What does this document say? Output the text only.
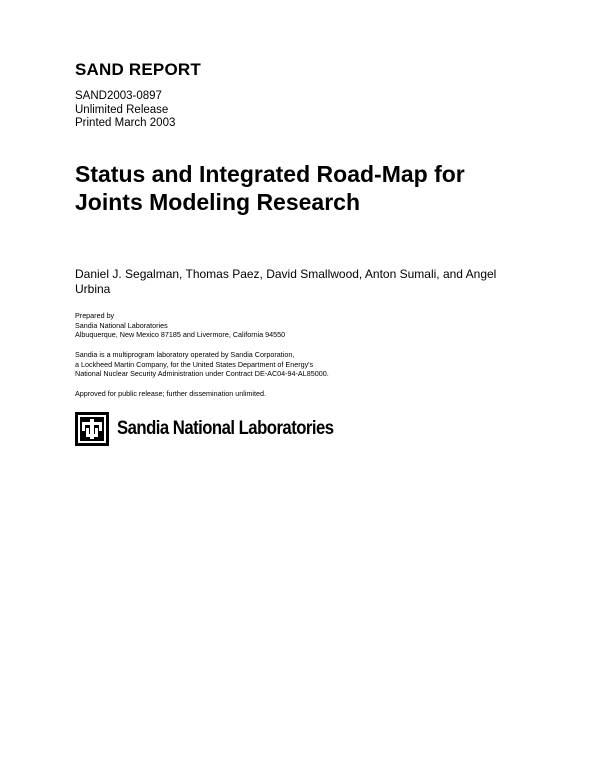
SAND REPORT
SAND2003-0897
Unlimited Release
Printed March 2003
Status and Integrated Road-Map for
Joints Modeling Research
Daniel J. Segalman, Thomas Paez, David Smallwood, Anton Sumali, and Angel
Urbina
Prepared by
Sandia National Laboratories
Albuquerque, New Mexico 87185 and Livermore, California 94550
Sandia is a multiprogram laboratory operated by Sandia Corporation,
a Lockheed Martin Company, for the United States Department of Energy's
National Nuclear Security Administration under Contract DE-AC04-94-AL85000.
Approved for public release; further dissemination unlimited.
Sandia National Laboratories
